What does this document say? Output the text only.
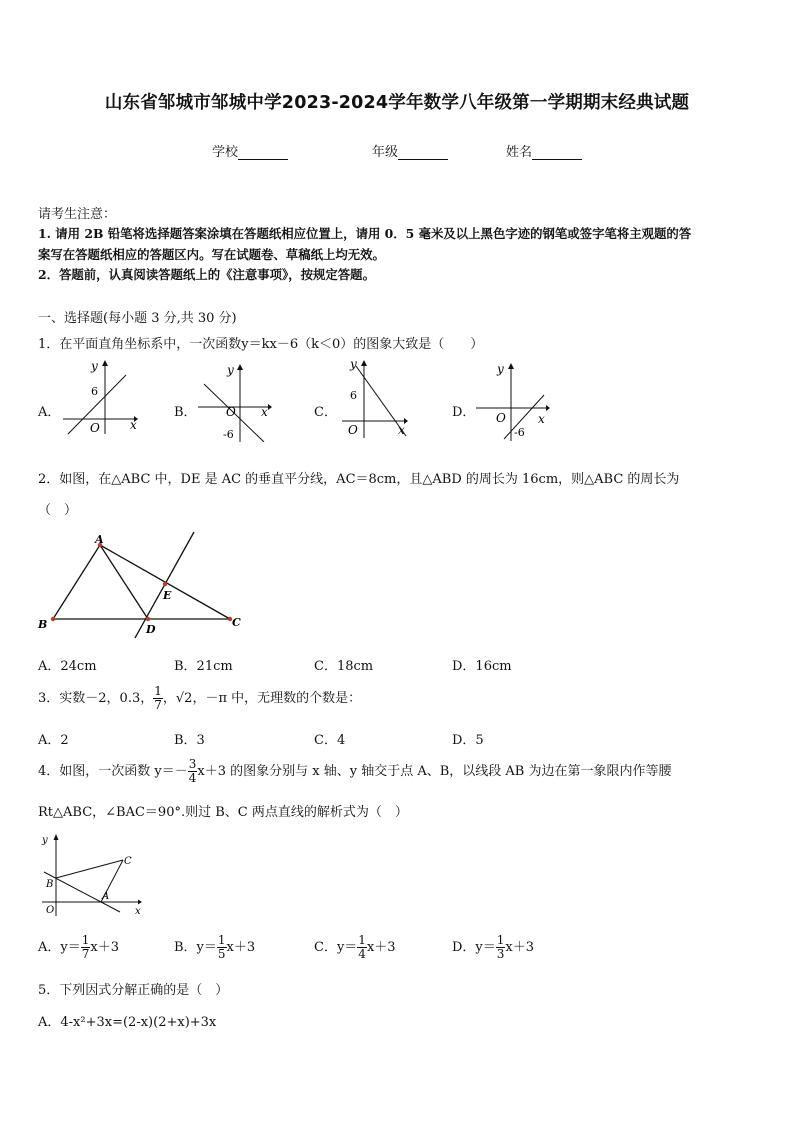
山东省邹城市邹城中学2023-2024学年数学八年级第一学期期末经典试题
学校	年级	姓名
请考生注意：
1. 请用 2B 铅笔将选择题答案涂填在答题纸相应位置上，请用 0．5 毫米及以上黑色字迹的钢笔或签字笔将主观题的答
案写在答题纸相应的答题区内。写在试题卷、草稿纸上均无效。
2．答题前，认真阅读答题纸上的《注意事项》，按规定答题。
一、选择题(每小题 3 分,共 30 分)
1．在平面直角坐标系中，一次函数y＝kx－6（k＜0）的图象大致是（　　）
A．
y
x
6
O
B．
y
x
O
-6
C．
y
x
6
O
D．
y
x
O
-6
2．如图，在△ABC 中，DE 是 AC 的垂直平分线，AC＝8cm，且△ABD 的周长为 16cm，则△ABC 的周长为
（　）
A
B	C
D
E
A．24cm	B．21cm	C．18cm	D．16cm
3．实数－2，0.3， $\frac{1}{7}$ ，√2，－π 中，无理数的个数是：
A．2	B．3	C．4	D．5
4．如图，一次函数 $y=- \frac{3}{4} x+3$ 的图象分别与 x 轴、y 轴交于点 A、B，以线段 AB 为边在第一象限内作等腰
Rt△ABC，∠BAC＝90°.则过 B、C 两点直线的解析式为（　）
y
x
O
B
A
C
A．$y= \frac{1}{7} x+3$	B．$y= \frac{1}{5} x+3$	C．$y= \frac{1}{4} x+3$	D．$y= \frac{1}{3} x+3$
5．下列因式分解正确的是（　）
A．4-x²+3x=(2-x)(2+x)+3x
